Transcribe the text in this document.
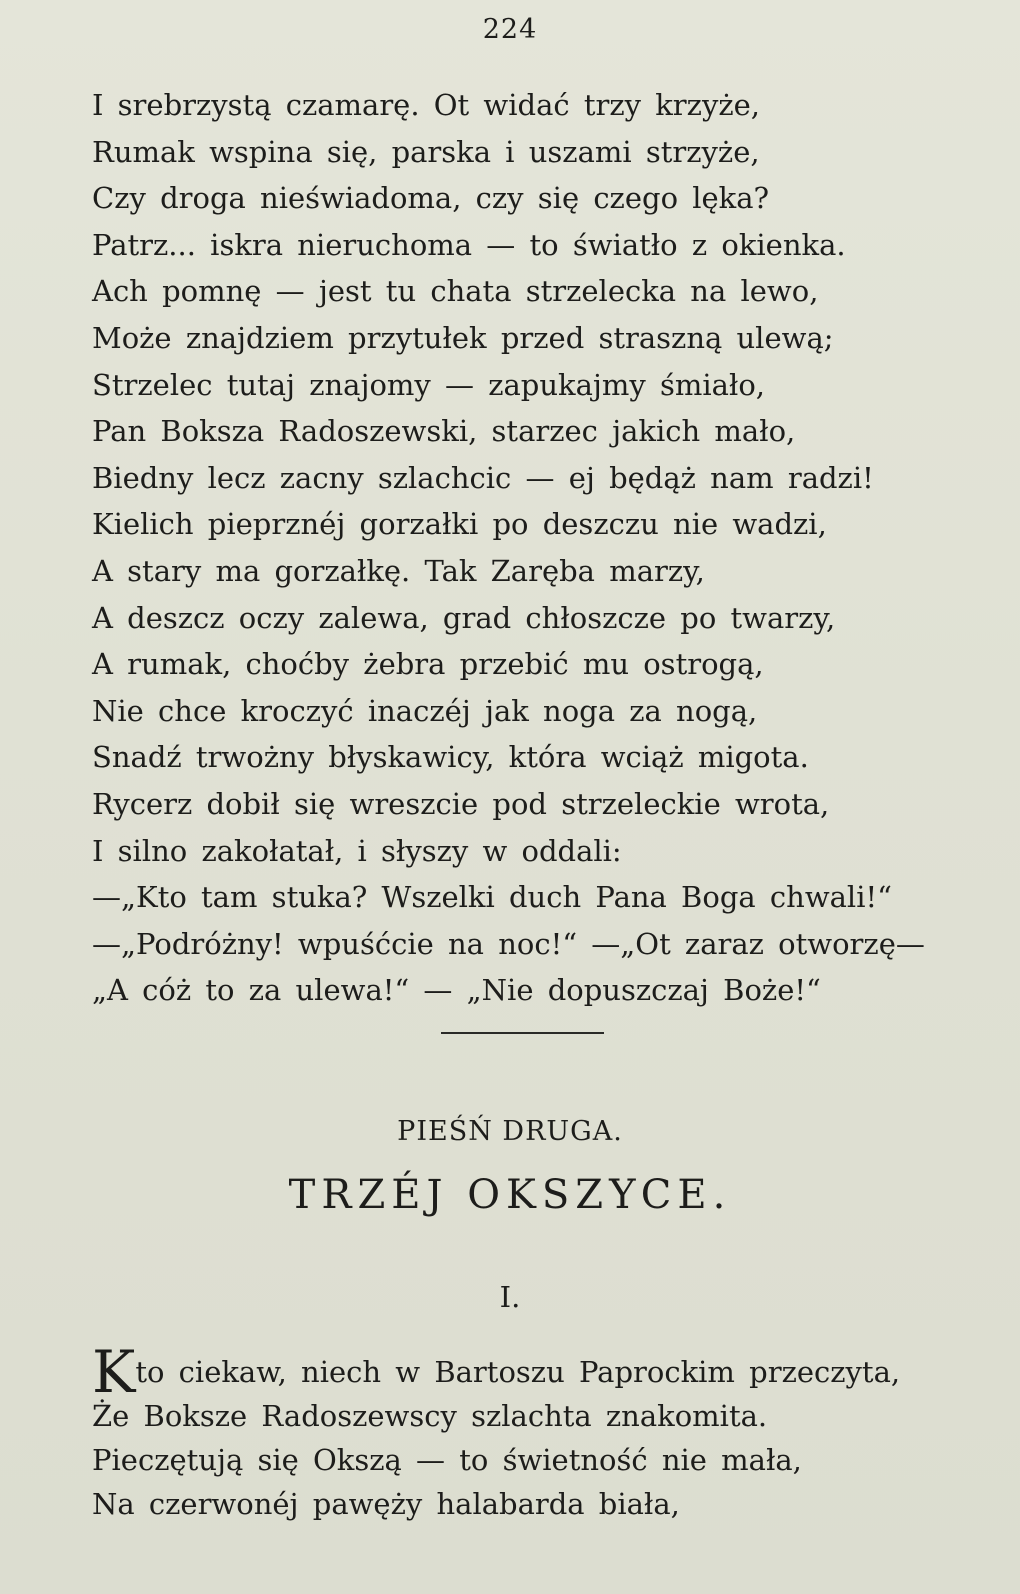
224
I srebrzystą czamarę. Ot widać trzy krzyże,
Rumak wspina się, parska i uszami strzyże,
Czy droga nieświadoma, czy się czego lęka?
Patrz... iskra nieruchoma — to światło z okienka.
Ach pomnę — jest tu chata strzelecka na lewo,
Może znajdziem przytułek przed straszną ulewą;
Strzelec tutaj znajomy — zapukajmy śmiało,
Pan Boksza Radoszewski, starzec jakich mało,
Biedny lecz zacny szlachcic — ej będąż nam radzi!
Kielich pieprznéj gorzałki po deszczu nie wadzi,
A stary ma gorzałkę. Tak Zaręba marzy,
A deszcz oczy zalewa, grad chłoszcze po twarzy,
A rumak, choćby żebra przebić mu ostrogą,
Nie chce kroczyć inaczéj jak noga za nogą,
Snadź trwożny błyskawicy, która wciąż migota.
Rycerz dobił się wreszcie pod strzeleckie wrota,
I silno zakołatał, i słyszy w oddali:
—„Kto tam stuka? Wszelki duch Pana Boga chwali!“
—„Podróżny! wpuśćcie na noc!“ —„Ot zaraz otworzę—
„A cóż to za ulewa!“ — „Nie dopuszczaj Boże!“
PIEŚŃ DRUGA.
TRZÉJ OKSZYCE.
I.
Kto ciekaw, niech w Bartoszu Paprockim przeczyta,
Że Boksze Radoszewscy szlachta znakomita.
Pieczętują się Okszą — to świetność nie mała,
Na czerwonéj pawęży halabarda biała,
